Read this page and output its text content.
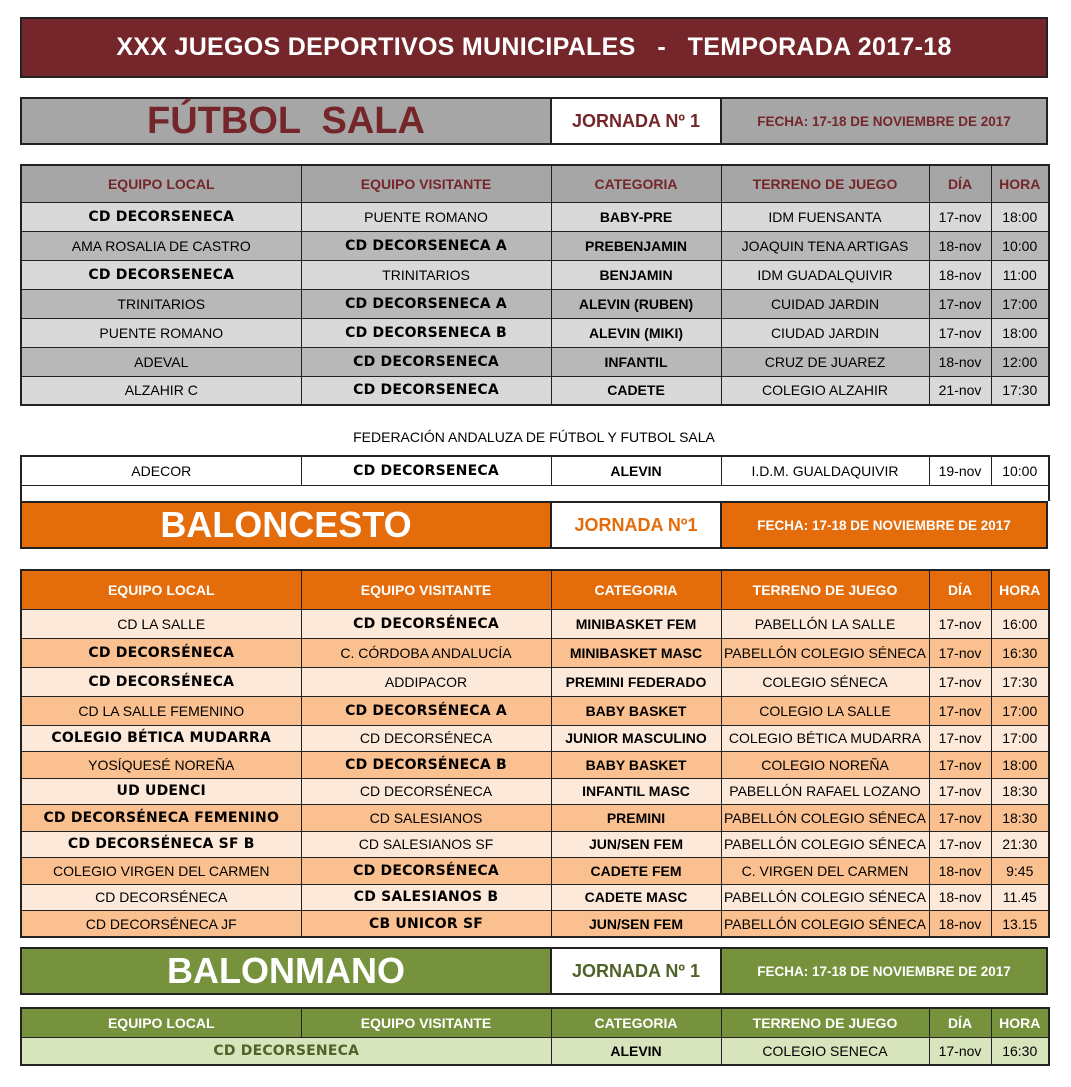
XXX JUEGOS DEPORTIVOS MUNICIPALES   -   TEMPORADA 2017-18
FÚTBOL  SALA	JORNADA Nº 1	FECHA: 17-18 DE NOVIEMBRE DE 2017
EQUIPO LOCAL	EQUIPO VISITANTE	CATEGORIA	TERRENO DE JUEGO	DÍA	HORA
CD DECORSENECA	PUENTE ROMANO	BABY-PRE	IDM FUENSANTA	17-nov	18:00
AMA ROSALIA DE CASTRO	CD DECORSENECA A	PREBENJAMIN	JOAQUIN TENA ARTIGAS	18-nov	10:00
CD DECORSENECA	TRINITARIOS	BENJAMIN	IDM GUADALQUIVIR	18-nov	11:00
TRINITARIOS	CD DECORSENECA A	ALEVIN (RUBEN)	CUIDAD JARDIN	17-nov	17:00
PUENTE ROMANO	CD DECORSENECA B	ALEVIN (MIKI)	CIUDAD JARDIN	17-nov	18:00
ADEVAL	CD DECORSENECA	INFANTIL	CRUZ DE JUAREZ	18-nov	12:00
ALZAHIR C	CD DECORSENECA	CADETE	COLEGIO ALZAHIR	21-nov	17:30
FEDERACIÓN ANDALUZA DE FÚTBOL Y FUTBOL SALA
ADECOR	CD DECORSENECA	ALEVIN	I.D.M. GUALDAQUIVIR	19-nov	10:00

BALONCESTO	JORNADA Nº1	FECHA: 17-18 DE NOVIEMBRE DE 2017
EQUIPO LOCAL	EQUIPO VISITANTE	CATEGORIA	TERRENO DE JUEGO	DÍA	HORA
CD LA SALLE	CD DECORSÉNECA	MINIBASKET FEM	PABELLÓN LA SALLE	17-nov	16:00
CD DECORSÉNECA	C. CÓRDOBA ANDALUCÍA	MINIBASKET MASC	PABELLÓN COLEGIO SÉNECA	17-nov	16:30
CD DECORSÉNECA	ADDIPACOR	PREMINI FEDERADO	COLEGIO SÉNECA	17-nov	17:30
CD LA SALLE FEMENINO	CD DECORSÉNECA A	BABY BASKET	COLEGIO LA SALLE	17-nov	17:00
COLEGIO BÉTICA MUDARRA	CD DECORSÉNECA	JUNIOR MASCULINO	COLEGIO BÉTICA MUDARRA	17-nov	17:00
YOSÍQUESÉ NOREÑA	CD DECORSÉNECA B	BABY BASKET	COLEGIO NOREÑA	17-nov	18:00
UD UDENCI	CD DECORSÉNECA	INFANTIL MASC	PABELLÓN RAFAEL LOZANO	17-nov	18:30
CD DECORSÉNECA FEMENINO	CD SALESIANOS	PREMINI	PABELLÓN COLEGIO SÉNECA	17-nov	18:30
CD DECORSÉNECA SF B	CD SALESIANOS SF	JUN/SEN FEM	PABELLÓN COLEGIO SÉNECA	17-nov	21:30
COLEGIO VIRGEN DEL CARMEN	CD DECORSÉNECA	CADETE FEM	C. VIRGEN DEL CARMEN	18-nov	9:45
CD DECORSÉNECA	CD SALESIANOS B	CADETE MASC	PABELLÓN COLEGIO SÉNECA	18-nov	11.45
CD DECORSÉNECA JF	CB UNICOR SF	JUN/SEN FEM	PABELLÓN COLEGIO SÉNECA	18-nov	13.15
BALONMANO	JORNADA Nº 1	FECHA: 17-18 DE NOVIEMBRE DE 2017
EQUIPO LOCAL	EQUIPO VISITANTE	CATEGORIA	TERRENO DE JUEGO	DÍA	HORA
CD DECORSENECA		ALEVIN	COLEGIO SENECA	17-nov	16:30
